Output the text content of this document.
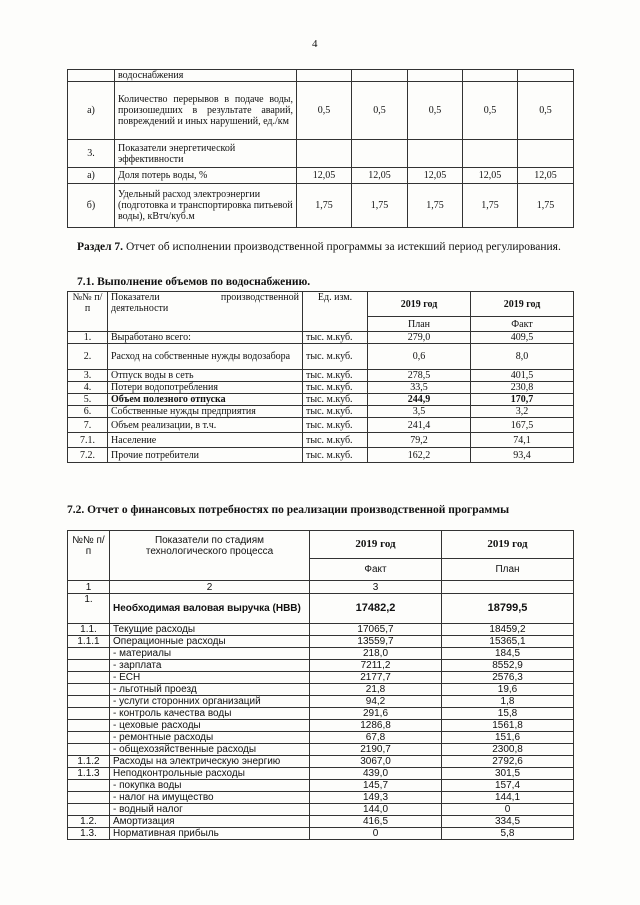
4
	водоснабжения					
а)	Количество перерывов в подаче воды, произошедших в результате аварий, повреждений и иных нарушений, ед./км	0,5	0,5	0,5	0,5	0,5
3.	Показатели энергетической эффективности					
а)	Доля потерь воды, %	12,05	12,05	12,05	12,05	12,05
б)	Удельный расход электроэнергии (подготовка и транспортировка питьевой воды), кВтч/куб.м	1,75	1,75	1,75	1,75	1,75
Раздел 7. Отчет об исполнении производственной программы за истекший период регулирования.
7.1. Выполнение объемов по водоснабжению.
№№ п/п	Показатели производственной деятельности	Ед. изм.	2019 год	2019 год
			План	Факт
1.	Выработано всего:	тыс. м.куб.	279,0	409,5
2.	Расход на собственные нужды водозабора	тыс. м.куб.	0,6	8,0
3.	Отпуск воды в сеть	тыс. м.куб.	278,5	401,5
4.	Потери водопотребления	тыс. м.куб.	33,5	230,8
5.	Объем полезного отпуска	тыс. м.куб.	244,9	170,7
6.	Собственные нужды предприятия	тыс. м.куб.	3,5	3,2
7.	Объем реализации, в т.ч.	тыс. м.куб.	241,4	167,5
7.1.	Население	тыс. м.куб.	79,2	74,1
7.2.	Прочие потребители	тыс. м.куб.	162,2	93,4
7.2. Отчет о финансовых потребностях по реализации производственной программы
№№ п/п	Показатели по стадиям технологического процесса	2019 год	2019 год
		Факт	План
1	2	3	
1.	Необходимая валовая выручка (НВВ)	17482,2	18799,5
1.1.	Текущие расходы	17065,7	18459,2
1.1.1	Операционные расходы	13559,7	15365,1
	- материалы	218,0	184,5
	- зарплата	7211,2	8552,9
	- ЕСН	2177,7	2576,3
	- льготный проезд	21,8	19,6
	- услуги сторонних организаций	94,2	1,8
	- контроль качества воды	291,6	15,8
	- цеховые расходы	1286,8	1561,8
	- ремонтные расходы	67,8	151,6
	- общехозяйственные расходы	2190,7	2300,8
1.1.2	Расходы на электрическую энергию	3067,0	2792,6
1.1.3	Неподконтрольные расходы	439,0	301,5
	- покупка воды	145,7	157,4
	- налог на имущество	149,3	144,1
	- водный налог	144,0	0
1.2.	Амортизация	416,5	334,5
1.3.	Нормативная прибыль	0	5,8
